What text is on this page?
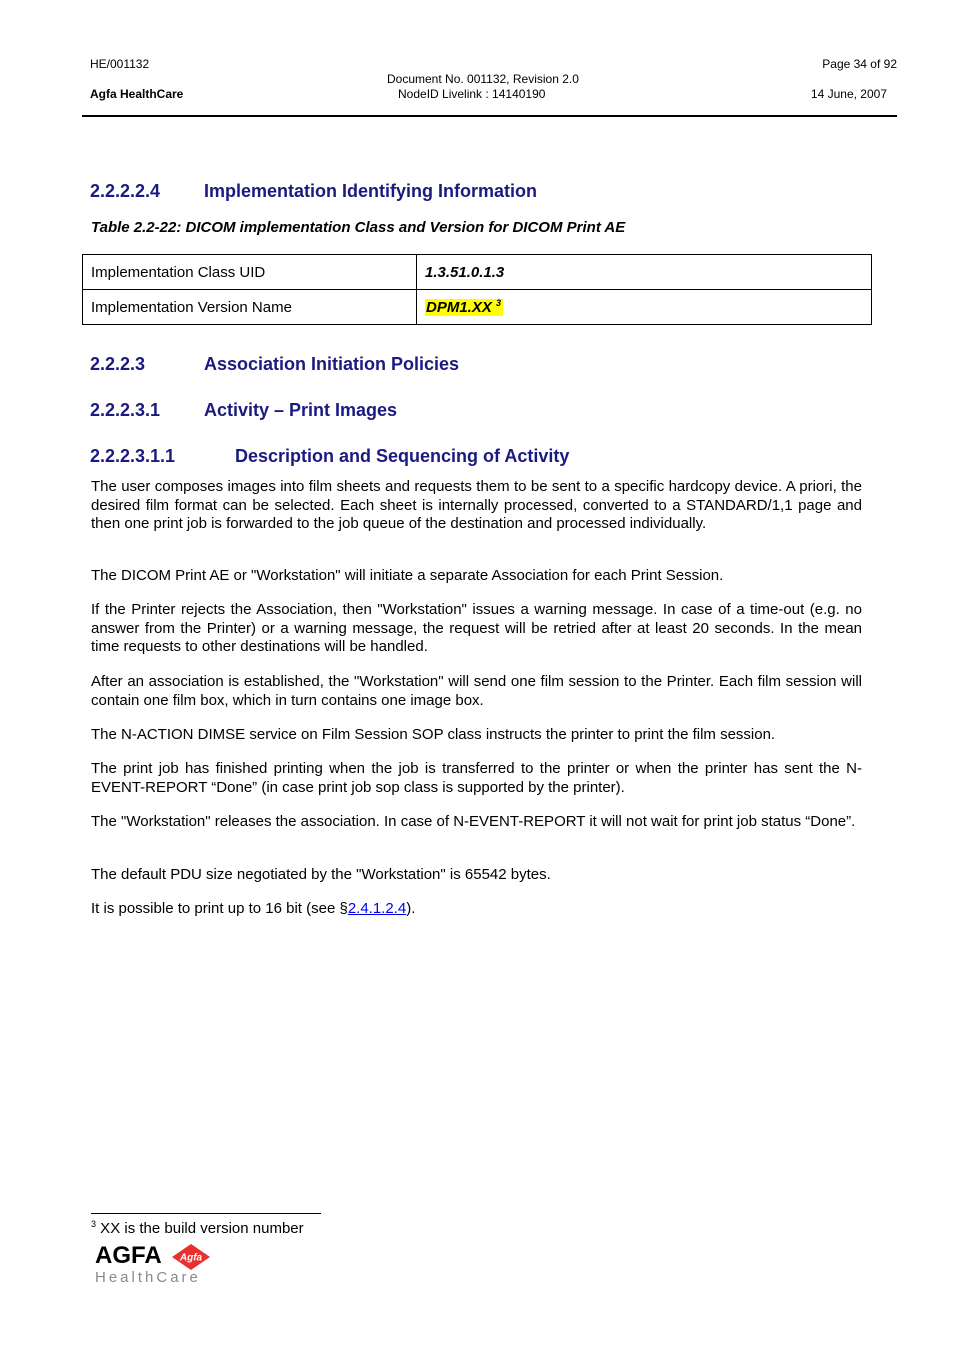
HE/001132
Agfa HealthCare
Document No. 001132, Revision 2.0
NodeID Livelink : 14140190
Page 34 of 92
14 June, 2007
2.2.2.2.4 Implementation Identifying Information
Table 2.2-22: DICOM implementation Class and Version for DICOM Print AE
Implementation Class UID	1.3.51.0.1.3
Implementation Version Name	DPM1.XX $^3$
2.2.2.3	Association Initiation Policies
2.2.2.3.1 Activity – Print Images
2.2.2.3.1.1	Description and Sequencing of Activity

The user composes images into film sheets and requests them to be sent to a specific hardcopy device. A priori, the desired film format can be selected. Each sheet is internally processed, converted to a STANDARD/1,1 page and then one print job is forwarded to the job queue of the destination and processed individually.

The DICOM Print AE or "Workstation" will initiate a separate Association for each Print Session.

If the Printer rejects the Association, then "Workstation" issues a warning message. In case of a time-out (e.g. no answer from the Printer) or a warning message, the request will be retried after at least 20 seconds. In the mean time requests to other destinations will be handled.

After an association is established, the "Workstation" will send one film session to the Printer. Each film session will contain one film box, which in turn contains one image box.

The N-ACTION DIMSE service on Film Session SOP class instructs the printer to print the film session.

The print job has finished printing when the job is transferred to the printer or when the printer has sent the N-EVENT-REPORT “Done” (in case print job sop class is supported by the printer).

The "Workstation" releases the association. In case of N-EVENT-REPORT it will not wait for print job status “Done”.

The default PDU size negotiated by the "Workstation" is 65542 bytes.

It is possible to print up to 16 bit (see §2.4.1.2.4).

$^3$ XX is the build version number
AGFA Agfa
HealthCare
